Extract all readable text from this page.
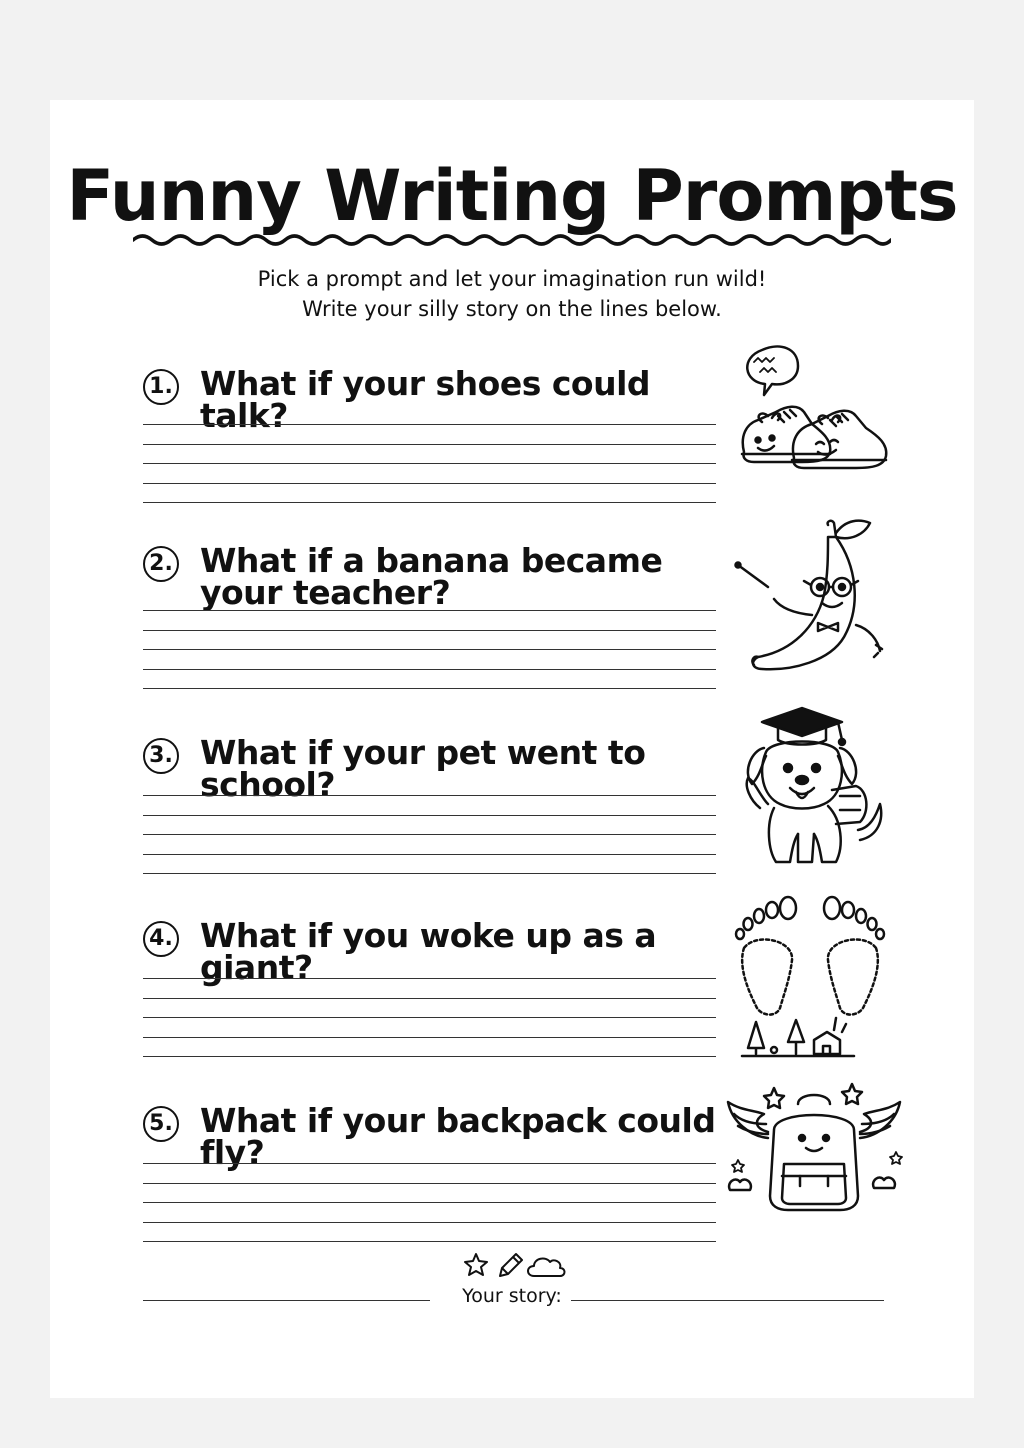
Funny Writing Prompts
Pick a prompt and let your imagination run wild!
Write your silly story on the lines below.
1. What if your shoes could talk?
2. What if a banana became your teacher?
3. What if your pet went to school?
4. What if you woke up as a giant?
5. What if your backpack could fly?
Your story:
